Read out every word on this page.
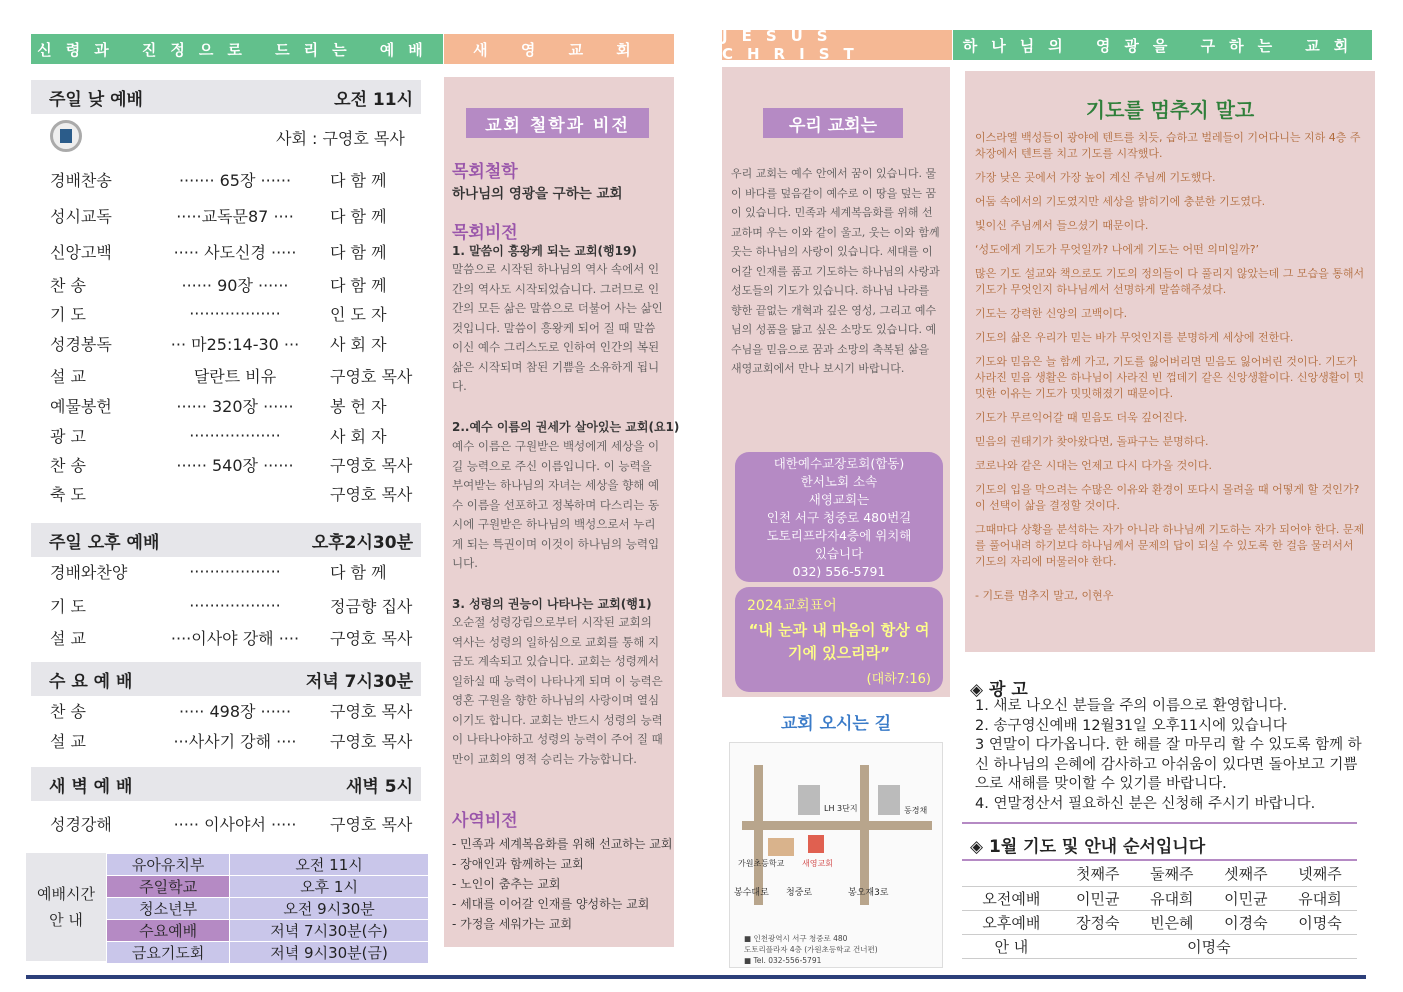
신령과 진정으로 드리는 예배	새 영 교 회
주일 낮 예배	오전 11시
사회 : 구영호 목사
주일 오후 예배	오후2시30분
수 요 예 배	저녁 7시30분
새 벽 예 배	새벽 5시
예배시간
안 내
유아유치부	오전 11시
주일학교	오후 1시
청소년부	오전 9시30분
수요예배	저녁 7시30분(수)
금요기도회	저녁 9시30분(금)
교회 철학과 비전
목회철학
하나님의 영광을 구하는 교회
목회비전
1. 말씀이 흥왕케 되는 교회(행19)
말씀으로 시작된 하나님의 역사 속에서 인간의 역사도 시작되었습니다. 그러므로 인간의 모든 삶은 말씀으로 더불어 사는 삶인 것입니다. 말씀이 흥왕케 되어 질 때 말씀이신 예수 그리스도로 인하여 인간의 복된 삶은 시작되며 참된 기쁨을 소유하게 됩니다.
2..예수 이름의 권세가 살아있는 교회(요1)
예수 이름은 구원받은 백성에게 세상을 이길 능력으로 주신 이름입니다. 이 능력을 부여받는 하나님의 자녀는 세상을 향해 예수 이름을 선포하고 정복하며 다스리는 동시에 구원받은 하나님의 백성으로서 누리게 되는 특권이며 이것이 하나님의 능력입니다.
3. 성령의 권능이 나타나는 교회(행1)
오순절 성령강림으로부터 시작된 교회의 역사는 성령의 일하심으로 교회를 통해 지금도 계속되고 있습니다. 교회는 성령께서 일하실 때 능력이 나타나게 되며 이 능력은 영혼 구원을 향한 하나님의 사랑이며 열심이기도 합니다. 교회는 반드시 성령의 능력이 나타나야하고 성령의 능력이 주어 질 때만이 교회의 영적 승리는 가능합니다.
사역비전
- 민족과 세계복음화를 위해 선교하는 교회
- 장애인과 함께하는 교회
- 노인이 춤추는 교회
- 세대를 이어갈 인재를 양성하는 교회
- 가정을 세워가는 교회
JESUS CHRIST
우리 교회는
우리 교회는 예수 안에서 꿈이 있습니다. 물이 바다를 덮음같이 예수로 이 땅을 덮는 꿈이 있습니다. 민족과 세계복음화를 위해 선교하며 우는 이와 같이 울고, 웃는 이와 함께 웃는 하나님의 사랑이 있습니다. 세대를 이어갈 인재를 품고 기도하는 하나님의 사랑과 성도들의 기도가 있습니다. 하나님 나라를 향한 끝없는 개혁과 깊은 영성, 그리고 예수님의 성품을 닮고 싶은 소망도 있습니다. 예수님을 믿음으로 꿈과 소망의 축복된 삶을 새영교회에서 만나 보시기 바랍니다.
대한예수교장로회(합동)
한서노회 소속
새영교회는
인천 서구 청중로 480번길
도토리프라자4층에 위치해
있습니다
032) 556-5791
2024교회표어
“내 눈과 내 마음이 항상 여기에 있으리라”
(대하7:16)
교회 오시는 길
LH 3단지	동경채
가원초등학교 새영교회
봉수대로 청중로	봉오재3로
■ 인천광역시 서구 청중로 480
도토리플라자 4층 (가원초등학교 건너편)
■ Tel. 032-556-5791
하나님의 영광을 구하는 교회
기도를 멈추지 말고
이스라엘 백성들이 광야에 텐트를 치듯, 습하고 벌레들이 기어다니는 지하 4층 주차장에서 텐트를 치고 기도를 시작했다.
가장 낮은 곳에서 가장 높이 계신 주님께 기도했다.
어둠 속에서의 기도였지만 세상을 밝히기에 충분한 기도였다.
빛이신 주님께서 들으셨기 때문이다.
‘성도에게 기도가 무엇일까? 나에게 기도는 어떤 의미일까?’
많은 기도 설교와 책으로도 기도의 정의들이 다 풀리지 않았는데 그 모습을 통해서 기도가 무엇인지 하나님께서 선명하게 말씀해주셨다.
기도는 강력한 신앙의 고백이다.
기도의 삶은 우리가 믿는 바가 무엇인지를 분명하게 세상에 전한다.
기도와 믿음은 늘 함께 가고, 기도를 잃어버리면 믿음도 잃어버린 것이다. 기도가 사라진 믿음 생활은 하나님이 사라진 빈 껍데기 같은 신앙생활이다. 신앙생활이 밋밋한 이유는 기도가 밋밋해졌기 때문이다.
기도가 무르익어갈 때 믿음도 더욱 깊어진다.
믿음의 권태기가 찾아왔다면, 돌파구는 분명하다.
코로나와 같은 시대는 언제고 다시 다가올 것이다.
기도의 입을 막으려는 수많은 이유와 환경이 또다시 몰려올 때 어떻게 할 것인가? 이 선택이 삶을 결정할 것이다.
그때마다 상황을 분석하는 자가 아니라 하나님께 기도하는 자가 되어야 한다. 문제를 풀어내려 하기보다 하나님께서 문제의 답이 되실 수 있도록 한 걸음 물러서서 기도의 자리에 머물러야 한다.
- 기도를 멈추지 말고, 이현우
◈ 광 고
1. 새로 나오신 분들을 주의 이름으로 환영합니다.
2. 송구영신예배 12월31일 오후11시에 있습니다
3 연말이 다가옵니다. 한 해를 잘 마무리 할 수 있도록 함께 하신 하나님의 은혜에 감사하고 아쉬움이 있다면 돌아보고 기쁨으로 새해를 맞이할 수 있기를 바랍니다.
4. 연말정산서 필요하신 분은 신청해 주시기 바랍니다.
◈ 1월 기도 및 안내 순서입니다
	첫째주	둘째주	셋째주	넷째주
오전예배	이민균	유대희	이민균	유대희
오후예배	장정숙	빈은혜	이경숙	이명숙
안 내	이명숙			
경배찬송	······· 65장 ······	다 함 께
성시교독	·····교독문87 ····	다 함 께
신앙고백	····· 사도신경 ·····	다 함 께
찬 송	······ 90장 ······	다 함 께
기 도	··················	인 도 자
성경봉독	··· 마25:14-30 ···	사 회 자
설 교	달란트 비유	구영호 목사
예물봉헌	······ 320장 ······	봉 헌 자
광 고	··················	사 회 자
찬 송	······ 540장 ······	구영호 목사
축 도	구영호 목사
경배와찬양	··················	다 함 께
기 도	··················	정금향 집사
설 교	····이사야 강해 ····	구영호 목사
찬 송	····· 498장 ······	구영호 목사
설 교	···사사기 강해 ····	구영호 목사
성경강해	····· 이사야서 ·····	구영호 목사
